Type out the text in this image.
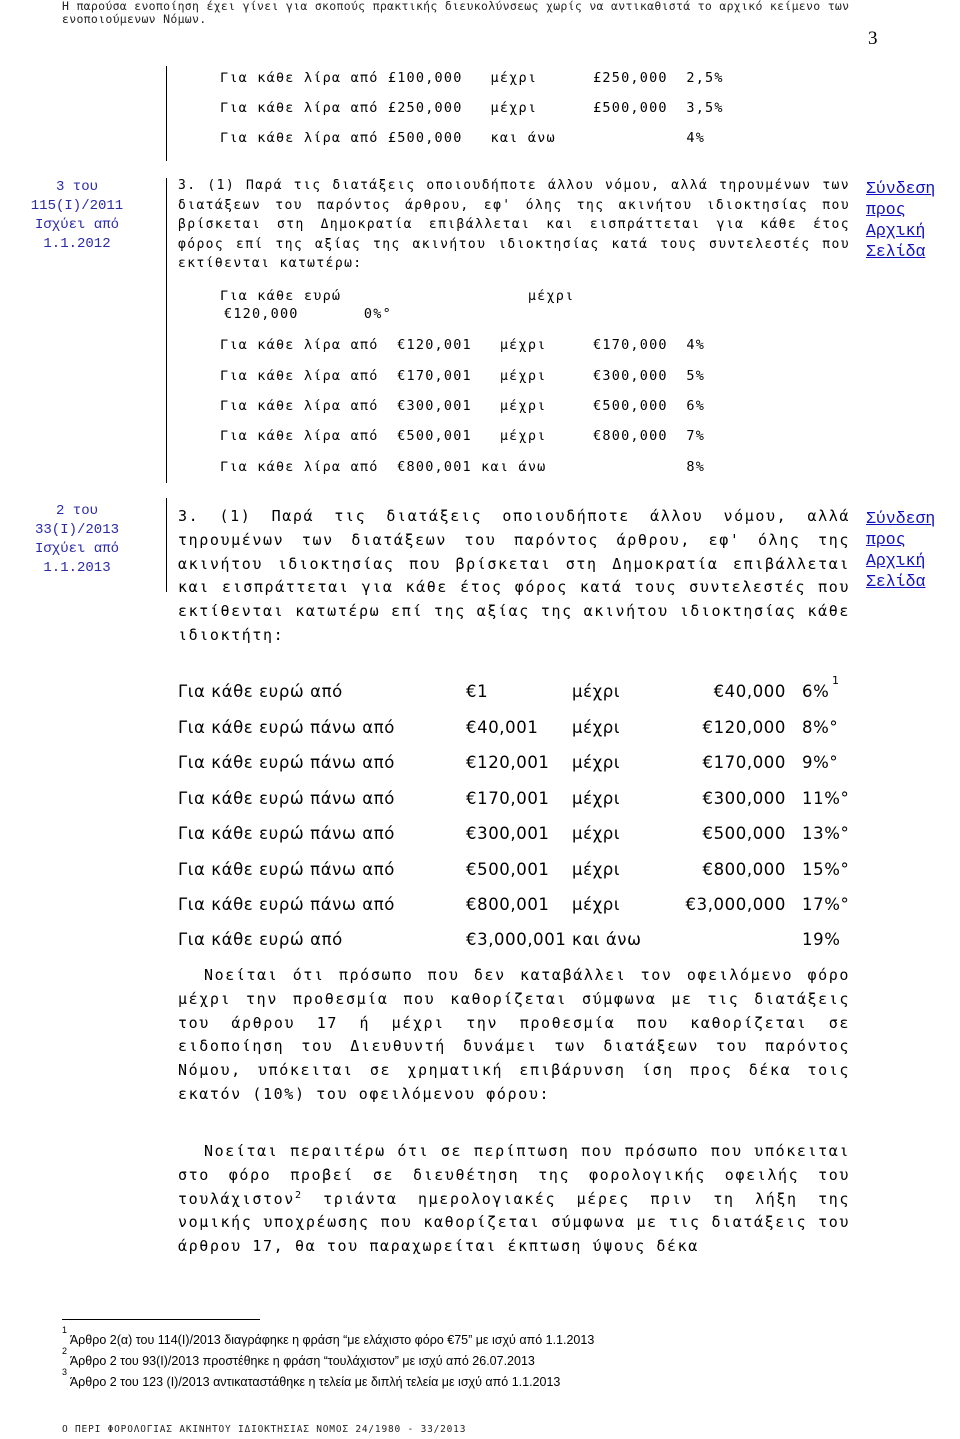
Η παρούσα ενοποίηση έχει γίνει για σκοπούς πρακτικής διευκολύνσεως χωρίς να αντικαθιστά το αρχικό κείμενο των ενοποιούμενων Νόμων.
3
Για κάθε λίρα από £100,000   μέχρι      £250,000  2,5%
Για κάθε λίρα από £250,000   μέχρι      £500,000  3,5%
Για κάθε λίρα από £500,000   και άνω              4%
3 του
115(Ι)/2011
Ισχύει από
1.1.2012
3. (1) Παρά τις διατάξεις οποιουδήποτε άλλου νόμου, αλλά τηρουμένων των διατάξεων του παρόντος άρθρου, εφ' όλης της ακινήτου ιδιοκτησίας που βρίσκεται στη Δημοκρατία επιβάλλεται και εισπράττεται για κάθε έτος φόρος επί της αξίας της ακινήτου ιδιοκτησίας κατά τους συντελεστές που εκτίθενται κατωτέρω:
Σύνδεση
προς
Αρχική
Σελίδα
Για κάθε ευρώ                    μέχρι
€120,000       0%°
Για κάθε λίρα από  €120,001   μέχρι     €170,000  4%
Για κάθε λίρα από  €170,001   μέχρι     €300,000  5%
Για κάθε λίρα από  €300,001   μέχρι     €500,000  6%
Για κάθε λίρα από  €500,001   μέχρι     €800,000  7%
Για κάθε λίρα από  €800,001 και άνω               8%
2 του
33(Ι)/2013
Ισχύει από
1.1.2013
3. (1) Παρά τις διατάξεις οποιουδήποτε άλλου νόμου, αλλά τηρουμένων των διατάξεων του παρόντος άρθρου, εφ' όλης της ακινήτου ιδιοκτησίας που βρίσκεται στη Δημοκρατία επιβάλλεται και εισπράττεται για κάθε έτος φόρος κατά τους συντελεστές που εκτίθενται κατωτέρω επί της αξίας της ακινήτου ιδιοκτησίας κάθε ιδιοκτήτη:
Σύνδεση
προς
Αρχική
Σελίδα
Για κάθε ευρώ από	€1	μέχρι	€40,000 6%
1
Για κάθε ευρώ πάνω από	€40,001 μέχρι	€120,000 8%°
Για κάθε ευρώ πάνω από	€120,001 μέχρι	€170,000 9%°
Για κάθε ευρώ πάνω από	€170,001 μέχρι	€300,000 11%°
Για κάθε ευρώ πάνω από	€300,001 μέχρι	€500,000 13%°
Για κάθε ευρώ πάνω από	€500,001 μέχρι	€800,000 15%°
Για κάθε ευρώ πάνω από	€800,001 μέχρι	€3,000,000 17%°
Για κάθε ευρώ από	€3,000,001 και άνω	19%
Νοείται ότι πρόσωπο που δεν καταβάλλει τον οφειλόμενο φόρο μέχρι την προθεσμία που καθορίζεται σύμφωνα με τις διατάξεις του άρθρου 17 ή μέχρι την προθεσμία που καθορίζεται σε ειδοποίηση του Διευθυντή δυνάμει των διατάξεων του παρόντος Νόμου, υπόκειται σε χρηματική επιβάρυνση ίση προς δέκα τοις εκατόν (10%) του οφειλόμενου φόρου:
Νοείται περαιτέρω ότι σε περίπτωση που πρόσωπο που υπόκειται στο φόρο προβεί σε διευθέτηση της φορολογικής οφειλής του τουλάχιστον$^2$ τριάντα ημερολογιακές μέρες πριν τη λήξη της νομικής υποχρέωσης που καθορίζεται σύμφωνα με τις διατάξεις του άρθρου 17, θα του παραχωρείται έκπτωση ύψους δέκα
$^1$ Άρθρο 2(α) του 114(Ι)/2013 διαγράφηκε η φράση “με ελάχιστο φόρο €75” με ισχύ από 1.1.2013
$^2$ Άρθρο 2 του 93(Ι)/2013 προστέθηκε η φράση “τουλάχιστον” με ισχύ από 26.07.2013
$^3$ Άρθρο 2 του 123 (Ι)/2013 αντικαταστάθηκε η τελεία με διπλή τελεία με ισχύ από 1.1.2013
Ο ΠΕΡΙ ΦΟΡΟΛΟΓΙΑΣ ΑΚΙΝΗΤΟΥ ΙΔΙΟΚΤΗΣΙΑΣ ΝΟΜΟΣ 24/1980 - 33/2013
